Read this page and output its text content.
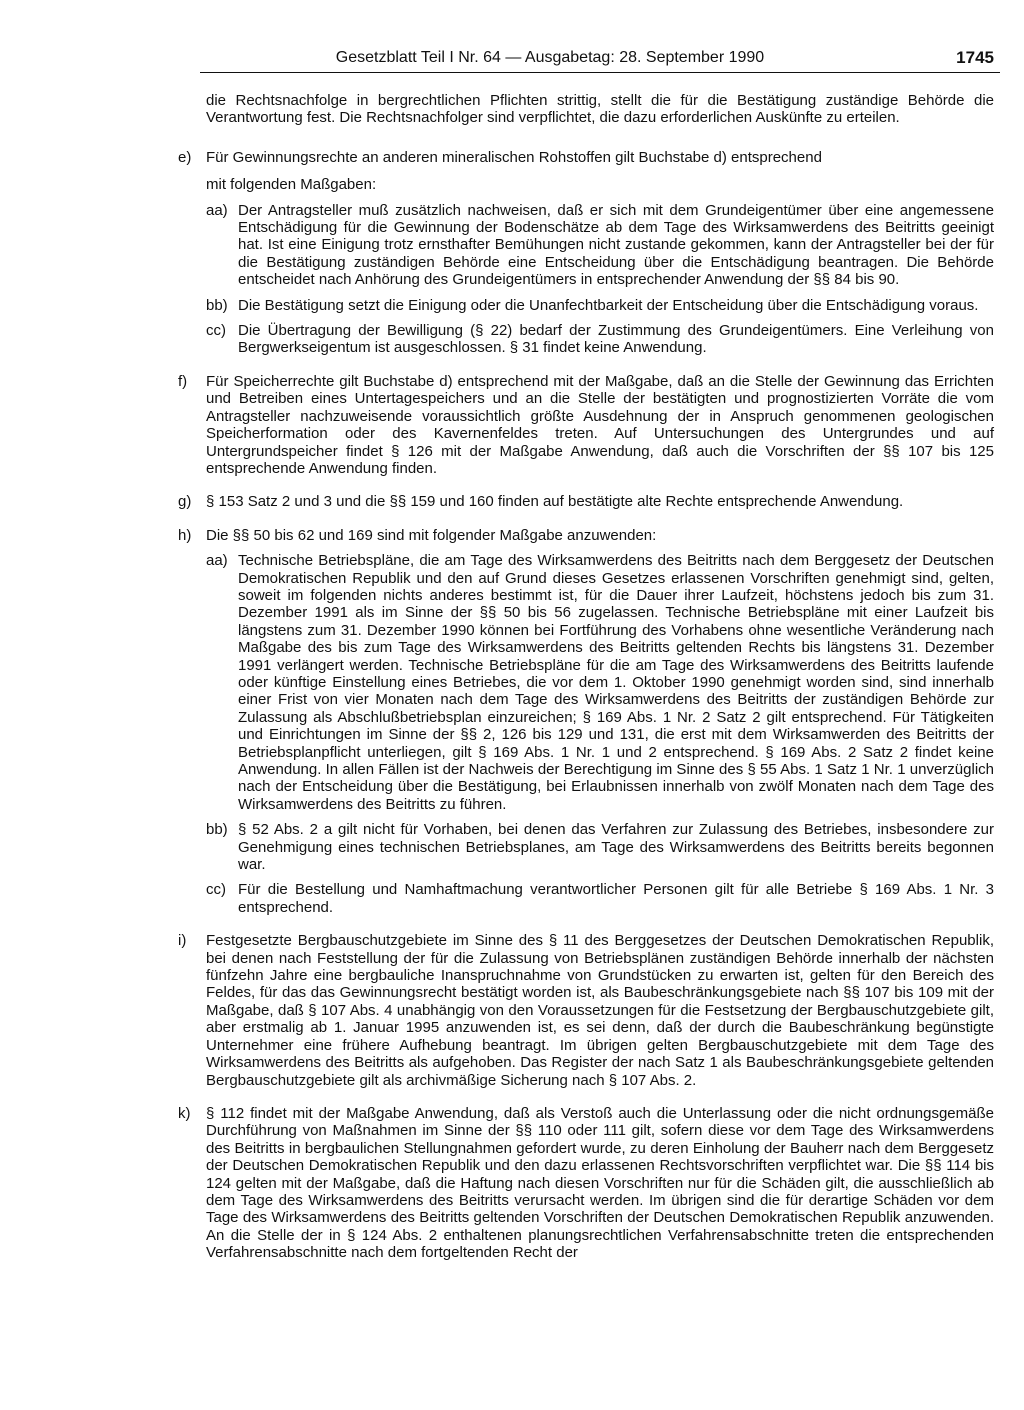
Gesetzblatt Teil I Nr. 64 — Ausgabetag: 28. September 1990	1745
die Rechtsnachfolge in bergrechtlichen Pflichten strittig, stellt die für die Bestätigung zuständige Behörde die Verantwortung fest. Die Rechtsnachfolger sind verpflichtet, die dazu erforderlichen Auskünfte zu erteilen.
e) Für Gewinnungsrechte an anderen mineralischen Rohstoffen gilt Buchstabe d) entsprechend
mit folgenden Maßgaben:
aa) Der Antragsteller muß zusätzlich nachweisen, daß er sich mit dem Grundeigentümer über eine angemessene Entschädigung für die Gewinnung der Bodenschätze ab dem Tage des Wirksamwerdens des Beitritts geeinigt hat. Ist eine Einigung trotz ernsthafter Bemühungen nicht zustande gekommen, kann der Antragsteller bei der für die Bestätigung zuständigen Behörde eine Entscheidung über die Entschädigung beantragen. Die Behörde entscheidet nach Anhörung des Grundeigentümers in entsprechender Anwendung der §§ 84 bis 90.
bb) Die Bestätigung setzt die Einigung oder die Unanfechtbarkeit der Entscheidung über die Entschädigung voraus.
cc) Die Übertragung der Bewilligung (§ 22) bedarf der Zustimmung des Grundeigentümers. Eine Verleihung von Bergwerkseigentum ist ausgeschlossen. § 31 findet keine Anwendung.
f) Für Speicherrechte gilt Buchstabe d) entsprechend mit der Maßgabe, daß an die Stelle der Gewinnung das Errichten und Betreiben eines Untertagespeichers und an die Stelle der bestätigten und prognostizierten Vorräte die vom Antragsteller nachzuweisende voraussichtlich größte Ausdehnung der in Anspruch genommenen geologischen Speicherformation oder des Kavernenfeldes treten. Auf Untersuchungen des Untergrundes und auf Untergrundspeicher findet § 126 mit der Maßgabe Anwendung, daß auch die Vorschriften der §§ 107 bis 125 entsprechende Anwendung finden.
g) § 153 Satz 2 und 3 und die §§ 159 und 160 finden auf bestätigte alte Rechte entsprechende Anwendung.
h) Die §§ 50 bis 62 und 169 sind mit folgender Maßgabe anzuwenden:
aa) Technische Betriebspläne, die am Tage des Wirksamwerdens des Beitritts nach dem Berggesetz der Deutschen Demokratischen Republik und den auf Grund dieses Gesetzes erlassenen Vorschriften genehmigt sind, gelten, soweit im folgenden nichts anderes bestimmt ist, für die Dauer ihrer Laufzeit, höchstens jedoch bis zum 31. Dezember 1991 als im Sinne der §§ 50 bis 56 zugelassen. Technische Betriebspläne mit einer Laufzeit bis längstens zum 31. Dezember 1990 können bei Fortführung des Vorhabens ohne wesentliche Veränderung nach Maßgabe des bis zum Tage des Wirksamwerdens des Beitritts geltenden Rechts bis längstens 31. Dezember 1991 verlängert werden. Technische Betriebspläne für die am Tage des Wirksamwerdens des Beitritts laufende oder künftige Einstellung eines Betriebes, die vor dem 1. Oktober 1990 genehmigt worden sind, sind innerhalb einer Frist von vier Monaten nach dem Tage des Wirksamwerdens des Beitritts der zuständigen Behörde zur Zulassung als Abschlußbetriebsplan einzureichen; § 169 Abs. 1 Nr. 2 Satz 2 gilt entsprechend. Für Tätigkeiten und Einrichtungen im Sinne der §§ 2, 126 bis 129 und 131, die erst mit dem Wirksamwerden des Beitritts der Betriebsplanpflicht unterliegen, gilt § 169 Abs. 1 Nr. 1 und 2 entsprechend. § 169 Abs. 2 Satz 2 findet keine Anwendung. In allen Fällen ist der Nachweis der Berechtigung im Sinne des § 55 Abs. 1 Satz 1 Nr. 1 unverzüglich nach der Entscheidung über die Bestätigung, bei Erlaubnissen innerhalb von zwölf Monaten nach dem Tage des Wirksamwerdens des Beitritts zu führen.
bb) § 52 Abs. 2 a gilt nicht für Vorhaben, bei denen das Verfahren zur Zulassung des Betriebes, insbesondere zur Genehmigung eines technischen Betriebsplanes, am Tage des Wirksamwerdens des Beitritts bereits begonnen war.
cc) Für die Bestellung und Namhaftmachung verantwortlicher Personen gilt für alle Betriebe § 169 Abs. 1 Nr. 3 entsprechend.
i) Festgesetzte Bergbauschutzgebiete im Sinne des § 11 des Berggesetzes der Deutschen Demokratischen Republik, bei denen nach Feststellung der für die Zulassung von Betriebsplänen zuständigen Behörde innerhalb der nächsten fünfzehn Jahre eine bergbauliche Inanspruchnahme von Grundstücken zu erwarten ist, gelten für den Bereich des Feldes, für das das Gewinnungsrecht bestätigt worden ist, als Baubeschränkungsgebiete nach §§ 107 bis 109 mit der Maßgabe, daß § 107 Abs. 4 unabhängig von den Voraussetzungen für die Festsetzung der Bergbauschutzgebiete gilt, aber erstmalig ab 1. Januar 1995 anzuwenden ist, es sei denn, daß der durch die Baubeschränkung begünstigte Unternehmer eine frühere Aufhebung beantragt. Im übrigen gelten Bergbauschutzgebiete mit dem Tage des Wirksamwerdens des Beitritts als aufgehoben. Das Register der nach Satz 1 als Baubeschränkungsgebiete geltenden Bergbauschutzgebiete gilt als archivmäßige Sicherung nach § 107 Abs. 2.
k) § 112 findet mit der Maßgabe Anwendung, daß als Verstoß auch die Unterlassung oder die nicht ordnungsgemäße Durchführung von Maßnahmen im Sinne der §§ 110 oder 111 gilt, sofern diese vor dem Tage des Wirksamwerdens des Beitritts in bergbaulichen Stellungnahmen gefordert wurde, zu deren Einholung der Bauherr nach dem Berggesetz der Deutschen Demokratischen Republik und den dazu erlassenen Rechtsvorschriften verpflichtet war. Die §§ 114 bis 124 gelten mit der Maßgabe, daß die Haftung nach diesen Vorschriften nur für die Schäden gilt, die ausschließlich ab dem Tage des Wirksamwerdens des Beitritts verursacht werden. Im übrigen sind die für derartige Schäden vor dem Tage des Wirksamwerdens des Beitritts geltenden Vorschriften der Deutschen Demokratischen Republik anzuwenden. An die Stelle der in § 124 Abs. 2 enthaltenen planungsrechtlichen Verfahrensabschnitte treten die entsprechenden Verfahrensabschnitte nach dem fortgeltenden Recht der
